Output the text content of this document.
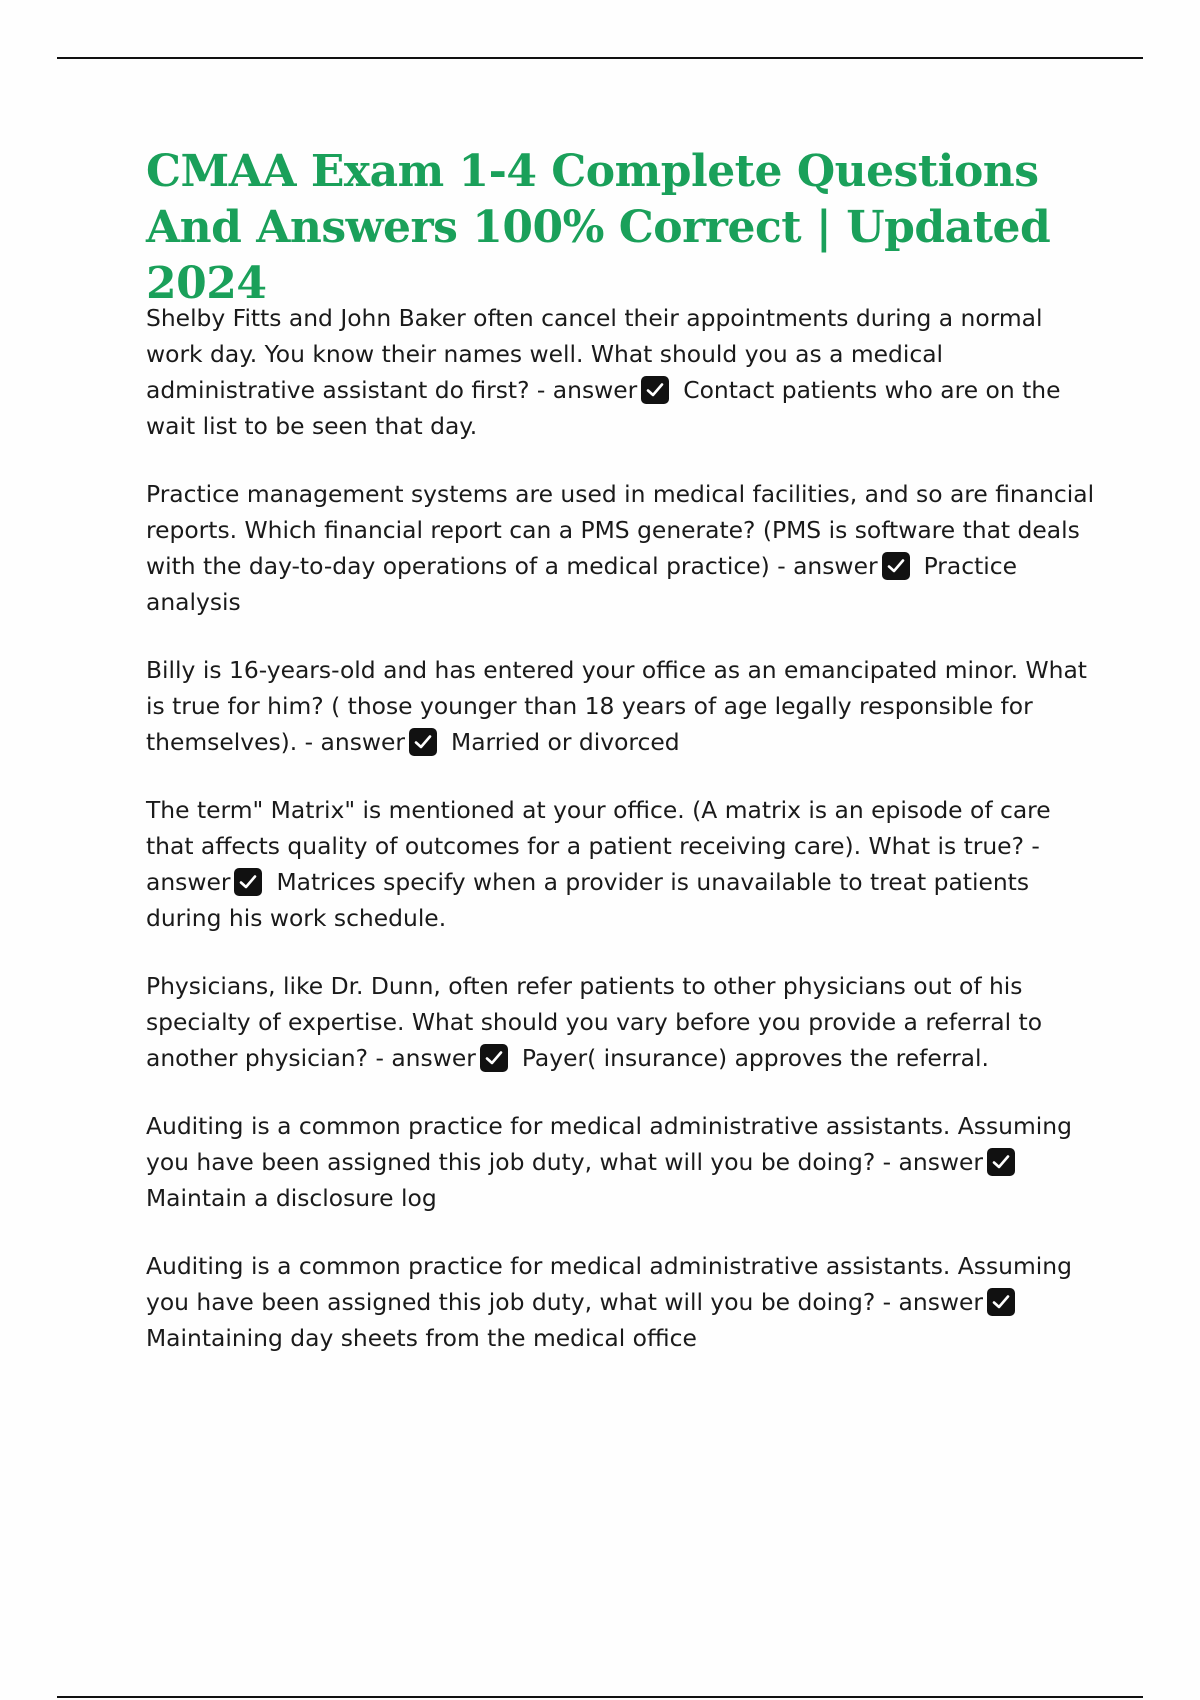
CMAA Exam 1-4 Complete Questions And Answers 100% Correct | Updated 2024

Shelby Fitts and John Baker often cancel their appointments during a normal work day. You know their names well. What should you as a medical administrative assistant do first? - answer Contact patients who are on the wait list to be seen that day.

Practice management systems are used in medical facilities, and so are financial reports. Which financial report can a PMS generate? (PMS is software that deals with the day-to-day operations of a medical practice) - answer Practice analysis

Billy is 16-years-old and has entered your office as an emancipated minor. What is true for him? ( those younger than 18 years of age legally responsible for themselves). - answer Married or divorced

The term" Matrix" is mentioned at your office. (A matrix is an episode of care that affects quality of outcomes for a patient receiving care). What is true? - answer Matrices specify when a provider is unavailable to treat patients during his work schedule.

Physicians, like Dr. Dunn, often refer patients to other physicians out of his specialty of expertise. What should you vary before you provide a referral to another physician? - answer Payer( insurance) approves the referral.

Auditing is a common practice for medical administrative assistants. Assuming you have been assigned this job duty, what will you be doing? - answer
Maintain a disclosure log

Auditing is a common practice for medical administrative assistants. Assuming you have been assigned this job duty, what will you be doing? - answer
Maintaining day sheets from the medical office
